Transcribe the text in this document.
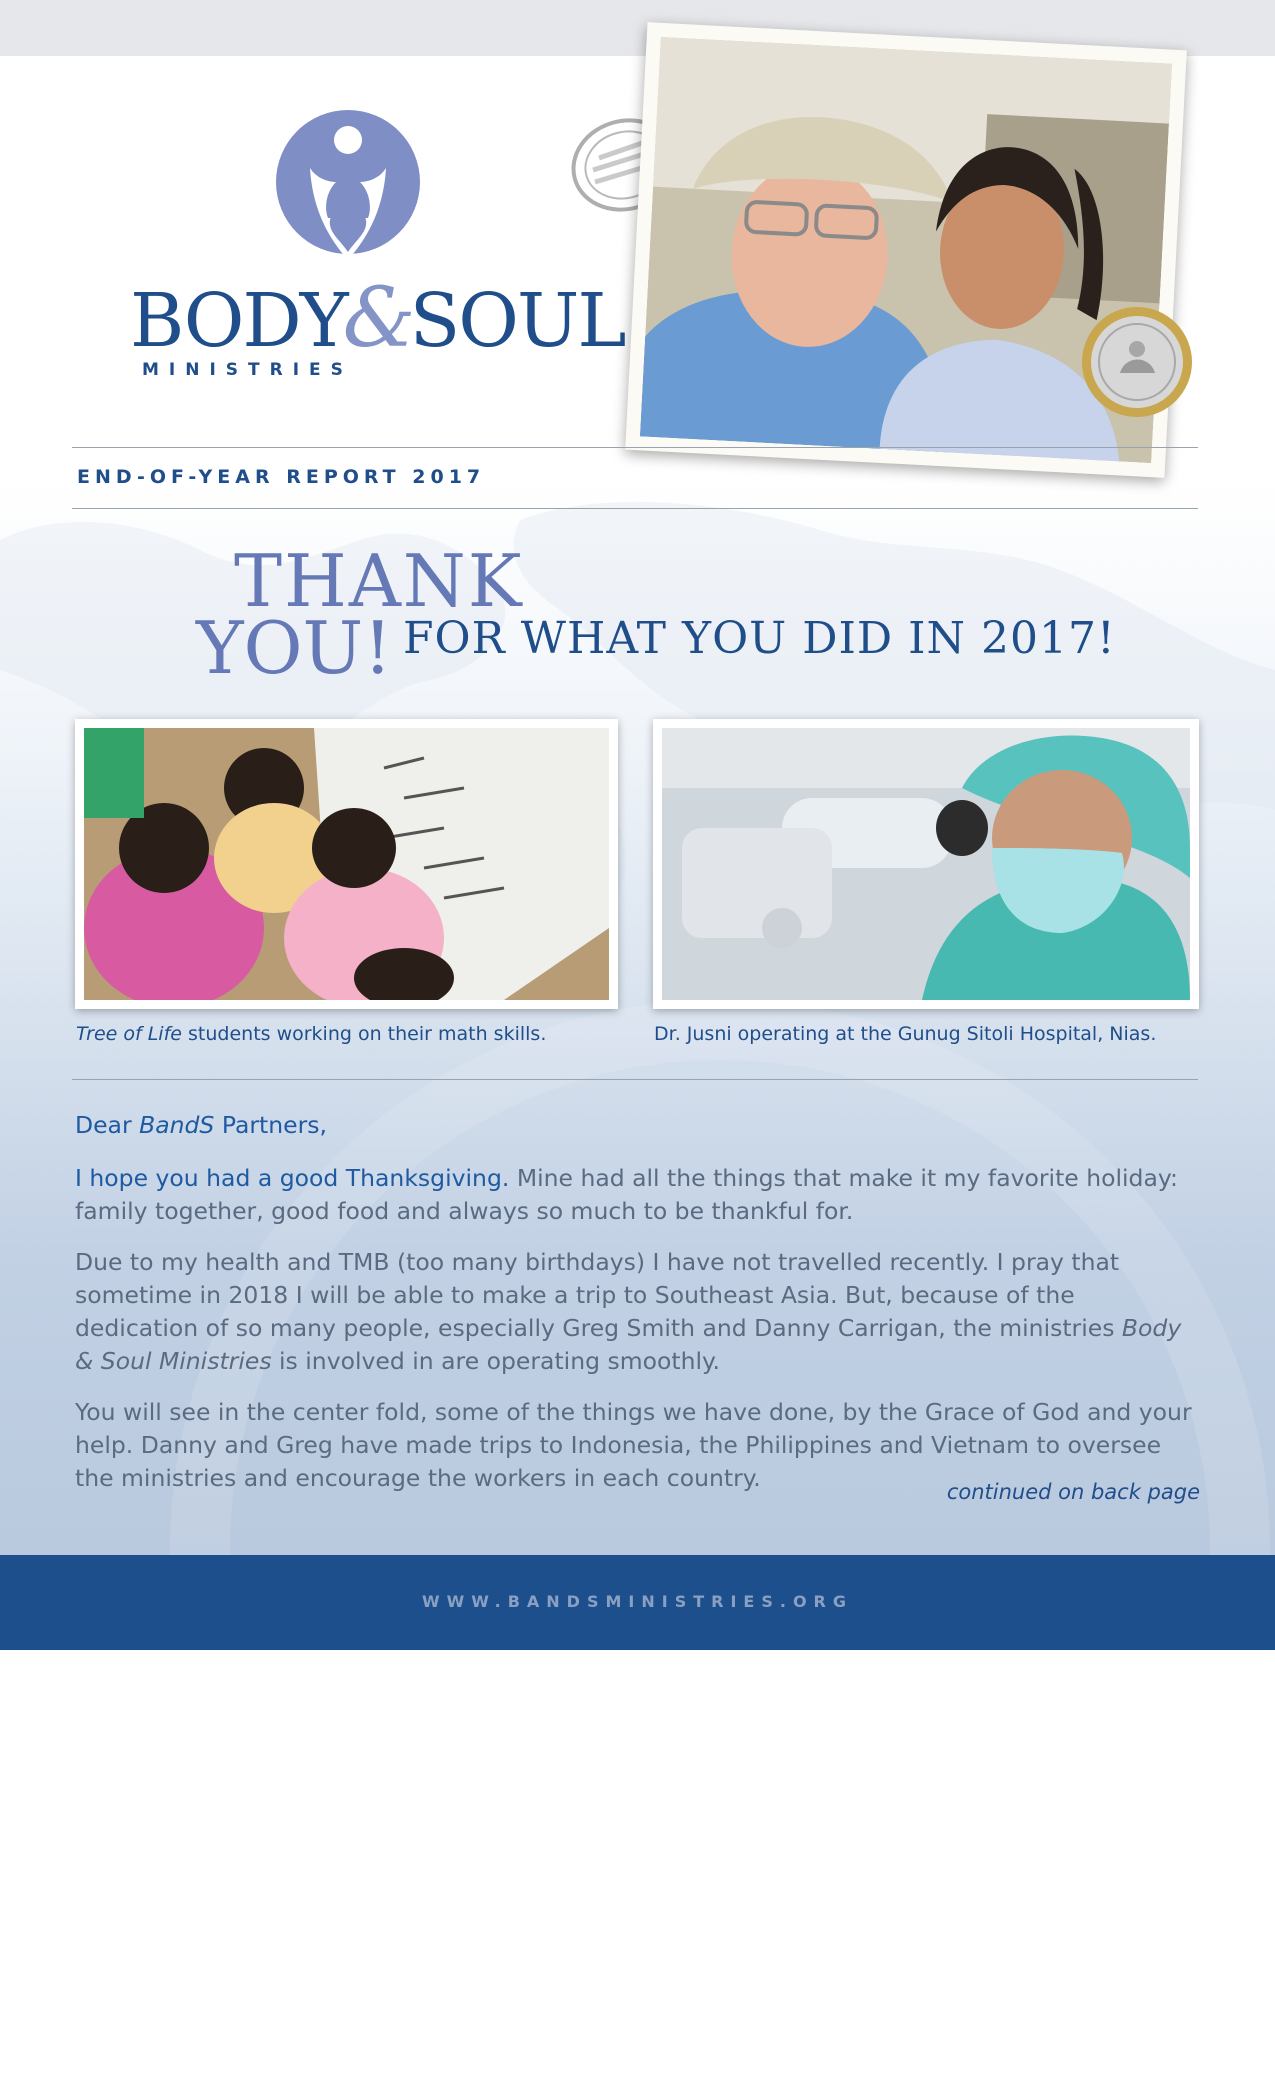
BODY&SOUL
MINISTRIES
END-OF-YEAR REPORT 2017
THANK
YOU! FOR WHAT YOU DID IN 2017!
Tree of Life students working on their math skills.	Dr. Jusni operating at the Gunug Sitoli Hospital, Nias.
Dear BandS Partners,
I hope you had a good Thanksgiving. Mine had all the things that make it my favorite holiday: family together, good food and always so much to be thankful for.
Due to my health and TMB (too many birthdays) I have not travelled recently. I pray that sometime in 2018 I will be able to make a trip to Southeast Asia. But, because of the dedication of so many people, especially Greg Smith and Danny Carrigan, the ministries Body & Soul Ministries is involved in are operating smoothly.
You will see in the center fold, some of the things we have done, by the Grace of God and your help. Danny and Greg have made trips to Indonesia, the Philippines and Vietnam to oversee the ministries and encourage the workers in each country.	continued on back page
WWW.BANDSMINISTRIES.ORG
